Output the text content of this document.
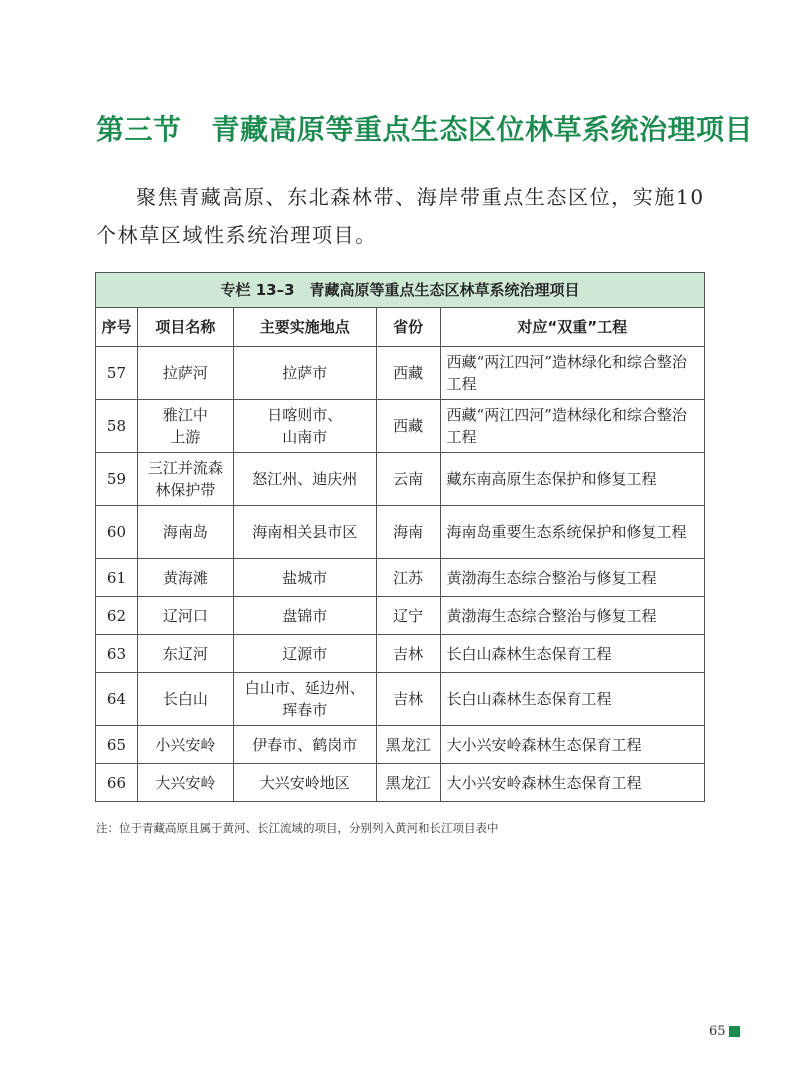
第三节 青藏高原等重点生态区位林草系统治理项目
聚焦青藏高原、东北森林带、海岸带重点生态区位，实施10个林草区域性系统治理项目。
专栏 13–3　青藏高原等重点生态区林草系统治理项目				
序号	项目名称	主要实施地点	省份	对应“双重”工程
57	拉萨河	拉萨市	西藏	西藏“两江四河”造林绿化和综合整治工程
58	雅江中上游	日喀则市、山南市	西藏	西藏“两江四河”造林绿化和综合整治工程
59	三江并流森林保护带	怒江州、迪庆州	云南	藏东南高原生态保护和修复工程
60	海南岛	海南相关县市区	海南	海南岛重要生态系统保护和修复工程
61	黄海滩	盐城市	江苏	黄渤海生态综合整治与修复工程
62	辽河口	盘锦市	辽宁	黄渤海生态综合整治与修复工程
63	东辽河	辽源市	吉林	长白山森林生态保育工程
64	长白山	白山市、延边州、珲春市	吉林	长白山森林生态保育工程
65	小兴安岭	伊春市、鹤岗市	黑龙江	大小兴安岭森林生态保育工程
66	大兴安岭	大兴安岭地区	黑龙江	大小兴安岭森林生态保育工程
注：位于青藏高原且属于黄河、长江流域的项目，分别列入黄河和长江项目表中
65
